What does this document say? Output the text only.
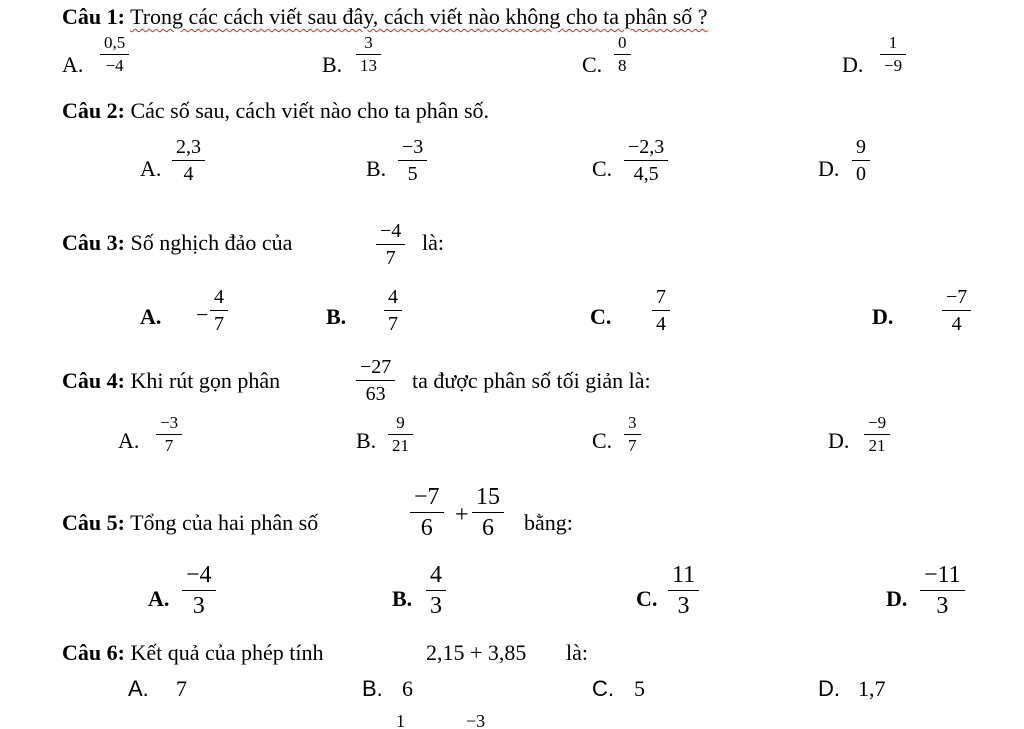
Câu 1: Trong các cách viết sau đây, cách viết nào không cho ta phân số ?
A.
0,5
−4	B.
3
13	C.
0
8	D.
1
−9
Câu 2: Các số sau, cách viết nào cho ta phân số.
A.
2,3
4	B.
−3
5	C.
−2,3
4,5	D.
9
0
Câu 3: Số nghịch đảo của	−4
7
là:
A. −
4
7	B.
4
7	C.
7
4	D.
−7
4
Câu 4: Khi rút gọn phân
−27
63
ta được phân số tối giản là:
A.
−3
7	B.
9
21	C.
3
7	D.
−9
21
Câu 5: Tổng của hai phân số
−7
6 +
15
6 bằng:
A.
−4
3	B.
4
3	C.
11
3	D.
−11
3
Câu 6: Kết quả của phép tính	2,15 + 3,85 là:
A. 7	B. 6	C. 5	D. 1,7
1	−3
